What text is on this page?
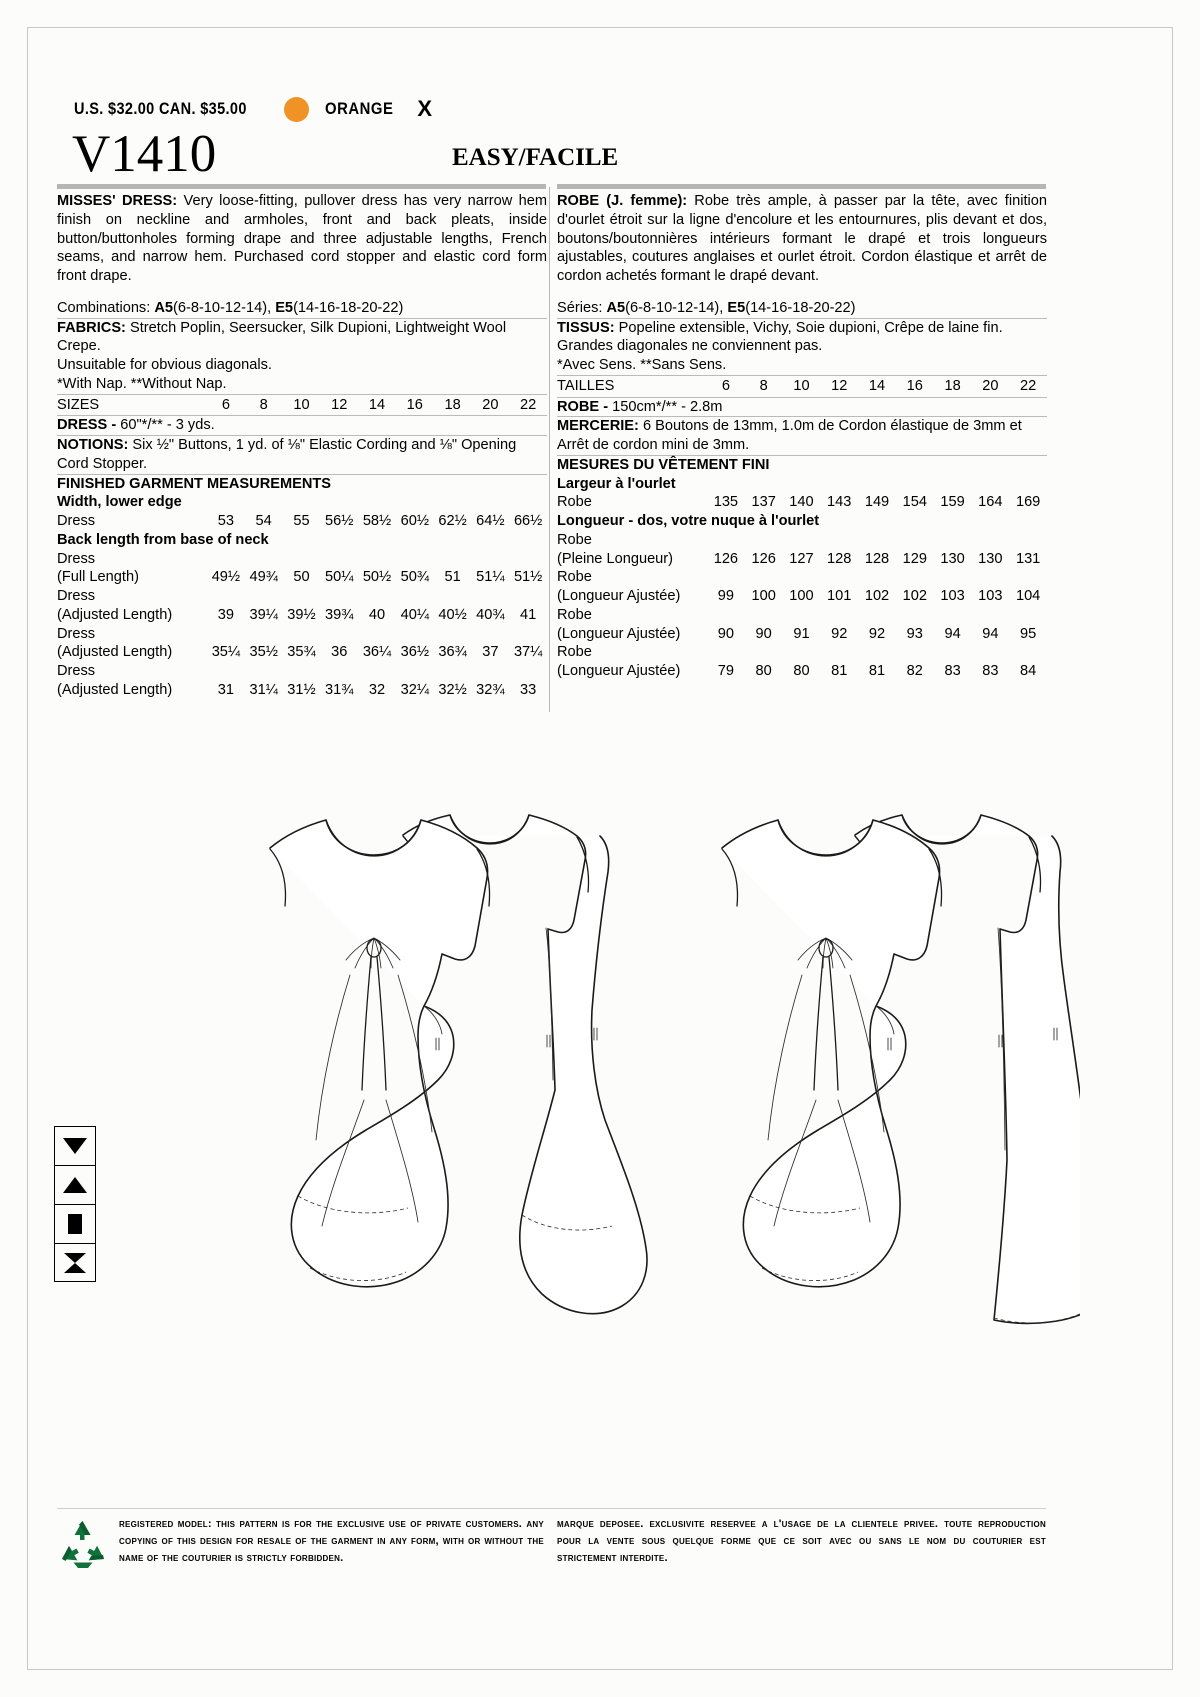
U.S. $32.00 CAN. $35.00	ORANGE X
V1410	EASY/FACILE

MISSES' DRESS: Very loose-fitting, pullover dress has very narrow hem finish on neckline and armholes, front and back pleats, inside button/buttonholes forming drape and three adjustable lengths, French seams, and narrow hem. Purchased cord stopper and elastic cord form front drape.

Combinations: A5(6-8-10-12-14), E5(14-16-18-20-22)

FABRICS: Stretch Poplin, Seersucker, Silk Dupioni, Lightweight Wool Crepe.

Unsuitable for obvious diagonals.

*With Nap. **Without Nap.

SIZES	6	8	10	12	14	16	18	20	22

DRESS - 60"*/** - 3 yds.

NOTIONS: Six ½" Buttons, 1 yd. of ⅛" Elastic Cording and ⅛" Opening Cord Stopper.

FINISHED GARMENT MEASUREMENTS

Width, lower edge

Dress	53	54	55	56½ 58½ 60½ 62½ 64½ 66½

Back length from base of neck

Dress

(Full Length)	49½ 49¾	50	50¼ 50½ 50¾	51	51¼ 51½

Dress

(Adjusted Length)	39	39¼ 39½ 39¾	40	40¼ 40½ 40¾	41

Dress

(Adjusted Length)	35¼ 35½ 35¾	36	36¼ 36½ 36¾	37	37¼

Dress

(Adjusted Length)	31	31¼ 31½ 31¾	32	32¼ 32½ 32¾	33

ROBE (J. femme): Robe très ample, à passer par la tête, avec finition d'ourlet étroit sur la ligne d'encolure et les entournures, plis devant et dos, boutons/boutonnières intérieurs formant le drapé et trois longueurs ajustables, coutures anglaises et ourlet étroit. Cordon élastique et arrêt de cordon achetés formant le drapé devant.

Séries: A5(6-8-10-12-14), E5(14-16-18-20-22)

TISSUS: Popeline extensible, Vichy, Soie dupioni, Crêpe de laine fin.

Grandes diagonales ne conviennent pas.

*Avec Sens. **Sans Sens.

TAILLES	6	8	10	12	14	16	18	20	22

ROBE - 150cm*/** - 2.8m

MERCERIE: 6 Boutons de 13mm, 1.0m de Cordon élastique de 3mm et Arrêt de cordon mini de 3mm.

MESURES DU VÊTEMENT FINI

Largeur à l'ourlet

Robe	135 137 140 143 149 154 159 164 169

Longueur - dos, votre nuque à l'ourlet

Robe

(Pleine Longueur)	126 126 127 128 128 129 130 130 131

Robe

(Longueur Ajustée)	99	100 100 101 102 102 103 103 104

Robe

(Longueur Ajustée)	90	90	91	92	92	93	94	94	95

Robe

(Longueur Ajustée)	79	80	80	81	81	82	83	83	84
registered model: this pattern is for the exclusive use of private customers. any copying of this design for resale of the garment in any form, with or without the name of the couturier is strictly forbidden.
marque deposee. exclusivite reservee a l'usage de la clientele privee. toute reproduction pour la vente sous quelque forme que ce soit avec ou sans le nom du couturier est strictement interdite.
